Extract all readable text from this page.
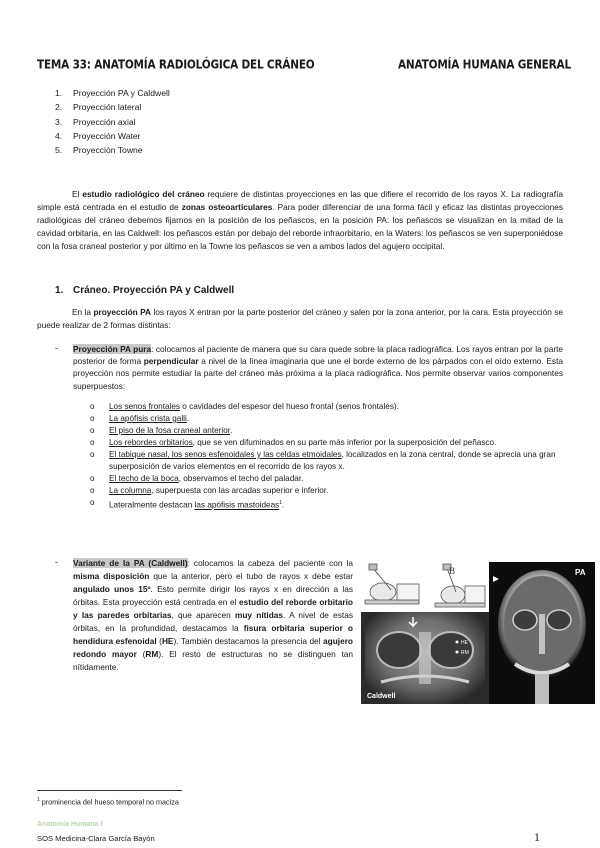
TEMA 33: ANATOMÍA RADIOLÓGICA DEL CRÁNEO	ANATOMÍA HUMANA GENERAL
1. Proyección PA y Caldwell
2. Proyección lateral
3. Proyección axial
4. Proyección Water
5. Proyección Towne

El estudio radiológico del cráneo requiere de distintas proyecciones en las que difiere el recorrido de los rayos X. La radiografía simple está centrada en el estudio de zonas osteoarticulares. Para poder diferenciar de una forma fácil y eficaz las distintas proyecciones radiológicas del cráneo debemos fijarnos en la posición de los peñascos, en la posición PA: los peñascos se visualizan en la mitad de la cavidad orbitaria, en las Caldwell: los peñascos están por debajo del reborde infraorbitario, en la Waters: los peñascos se ven superponiédose con la fosa craneal posterior y por último en la Towne los peñascos se ven a ambos lados del agujero occipital.

1. Cráneo. Proyección PA y Caldwell

En la proyección PA los rayos X entran por la parte posterior del cráneo y salen por la zona anterior, por la cara. Esta proyección se puede realizar de 2 formas distintas:

- Proyección PA pura: colocamos al paciente de manera que su cara quede sobre la placa radiográfica. Los rayos entran por la parte posterior de forma perpendicular a nivel de la línea imaginaria que une el borde externo de los párpados con el oído externo. Esta proyección nos permite estudiar la parte del cráneo más próxima a la placa radiográfica. Nos permite observar varios componentes superpuestos:

o Los senos frontales o cavidades del espesor del hueso frontal (senos frontales).
o La apófisis crista galli.
o El piso de la fosa craneal anterior.
o Los rebordes orbitarios, que se ven difuminados en su parte más inferior por la superposición del peñasco.
o El tabique nasal, los senos esfenoidales y las celdas etmoidales, localizados en la zona central, donde se aprecia una gran superposición de varios elementos en el recorrido de los rayos x.
o El techo de la boca, observamos el techo del paladar.
o La columna, superpuesta con las arcadas superior e inferior.
o Lateralmente destacan las apófisis mastoideas$^1$.
- Variante de la PA (Caldwell): colocamos la cabeza del paciente con la misma disposición que la anterior, pero el tubo de rayos x debe estar angulado unos 15º. Esto permite dirigir los rayos x en dirección a las órbitas. Esta proyección está centrada en el estudio del reborde orbitario y las paredes orbitarias, que aparecen muy nítidas. A nivel de estas órbitas, en la profundidad, destacamos la fisura orbitaria superior o hendidura esfenoidal (HE). También destacamos la presencia del agujero redondo mayor (RM). El resto de estructuras no se distinguen tan nítidamente.

B
HE
RM
Caldwell
PA
$^1$ prominencia del hueso temporal no maciza
Anatomía Humana I
SOS Medicina-Clara García Bayón	1
